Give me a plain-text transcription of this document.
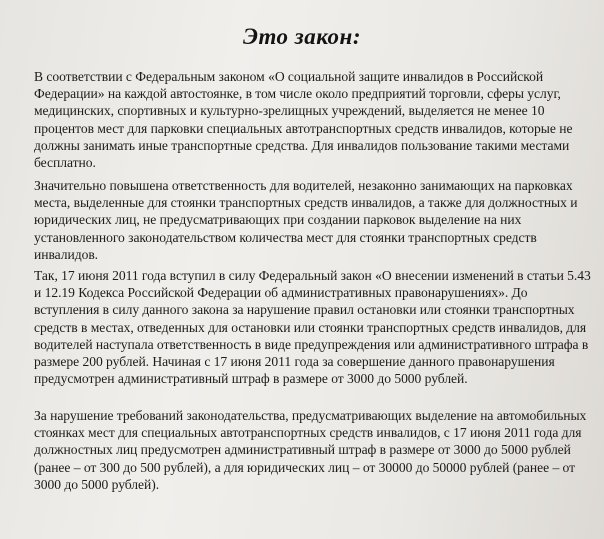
Это закон:

В соответствии с Федеральным законом «О социальной защите инвалидов в Российской Федерации» на каждой автостоянке, в том числе около предприятий торговли, сферы услуг, медицинских, спортивных и культурно-зрелищных учреждений, выделяется не менее 10 процентов мест для парковки специальных автотранспортных средств инвалидов, которые не должны занимать иные транспортные средства. Для инвалидов пользование такими местами бесплатно.

Значительно повышена ответственность для водителей, незаконно занимающих на парковках места, выделенные для стоянки транспортных средств инвалидов, а также для должностных и юридических лиц, не предусматривающих при создании парковок выделение на них установленного законодательством количества мест для стоянки транспортных средств инвалидов.

Так, 17 июня 2011 года вступил в силу Федеральный закон «О внесении изменений в статьи 5.43 и 12.19 Кодекса Российской Федерации об административных правонарушениях». До вступления в силу данного закона за нарушение правил остановки или стоянки транспортных средств в местах, отведенных для остановки или стоянки транспортных средств инвалидов, для водителей наступала ответственность в виде предупреждения или административного штрафа в размере 200 рублей. Начиная с 17 июня 2011 года за совершение данного правонарушения предусмотрен административный штраф в размере от 3000 до 5000 рублей.

За нарушение требований законодательства, предусматривающих выделение на автомобильных стоянках мест для специальных автотранспортных средств инвалидов, с 17 июня 2011 года для должностных лиц предусмотрен административный штраф в размере от 3000 до 5000 рублей (ранее – от 300 до 500 рублей), а для юридических лиц – от 30000 до 50000 рублей (ранее – от 3000 до 5000 рублей).
